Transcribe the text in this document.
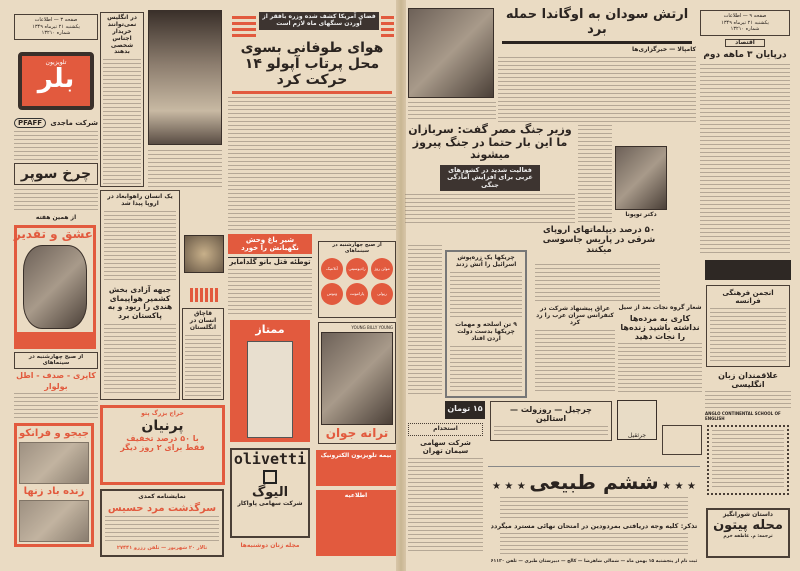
صفحه ۳ — اطلاعات
یکشنبه ۲۱ تیرماه ۱۳۴۹
شماره ۱۳۲۱۰
تلویزیون
بلر
PFAFF	شرکت ماجدی
چرخ سوپر
از همین هفته
عشق و تقدیر
از صبح چهارشنبه در سینماهای
کاپری - صدف - اطل
بولوار
جیجو و فرانکو
زنده باد زنها
در انگلیس نمی‌توانند خریدار اجناس شخصی بدهند
فضای آمریکا کشف شده وزره بافقر از آوردن سنگهای ماه لازم است
هوای طوفانی بسوی محل پرتاب آپولو ۱۴ حرکت کرد
یک انسان راهوابعاد در اروپا پیدا شد
جبهه آزادی بخش کشمیر هواپیمای هندی را ربود و به پاکستان برد	قاچاق انسان در انگلستان
شیر باغ وحش نگهبانش را خورد
توطئه قتل بانو گلدامایر
ممتاز
از صبح چهارشنبه در سینماهای
آتلانتیک	رادیوسیتی	مولن روژ
ونوس	پارامونت	ریولی
YOUNG BILLY YOUNG
ترانه جوان
حراج بزرگ پتو
پرنیان
با ۵۰ درصد تخفیف
فقط برای ۲ روز دیگر
نمایشنامه کمدی
سرگذشت مرد حسیس
تالار ۲۰ شهریور — تلفن رزرو ۲۷۴۴۱
olivetti
الیوگ
شرکت سهامی پاواکار
مجله زنان دوشنبه‌ها
بیمه تلویزیون الکترونیک
اطلاعیه
ارتش سودان به اوگاندا حمله برد
کامپالا — خبرگزاری‌ها
صفحه ۹ — اطلاعات
یکشنبه ۲۱ تیرماه ۱۳۴۹
شماره ۱۳۲۱۰
اقتصاد
درپایان ۳ ماهه دوم
وزیر جنگ مصر گفت: سربازان ما این بار حتما در جنگ پیروز میشوند
فعالیت شدید در کشورهای عربی برای افزایش آمادگی جنگی
دکتر توپونا
۵۰ درصد دیپلماتهای اروپای شرقی در پاریس جاسوسی میکنند
چریکها یک زره‌پوش اسرائیل را آتش زدند
۹ تن اسلحه و مهمات چریکها بدست دولت اردن افتاد
عراق پیشنهاد شرکت در کنفرانس سران عرب را رد کرد
شعار گروه نجات بعد از سیل
کاری به مرده‌ها نداشته باشید زنده‌ها را نجات دهید
انجمن فرهنگی فرانسه
علاقمندان زبان انگلیسی
ANGLO CONTINENTAL SCHOOL OF ENGLISH
جرثقیل
۱۵ تومان	چرچیل — روزولت — استالین
استخدام
شرکت سهامی سیمان تهران
★ ★ ★ ششم طبیعی ★ ★ ★
تذکر: کلیه وجه دریافتی بمردودین در امتحان نهائی مسترد میگردد
ثبت نام از پنجشنبه ۱۵ بهمن ماه — شمالی شاهرضا — کالج — دبیرستان طبری — تلفن ۶۱۱۲۰
داستان شورانگیز
محله پیتون
ترجمه: م. عاطفه خرم
